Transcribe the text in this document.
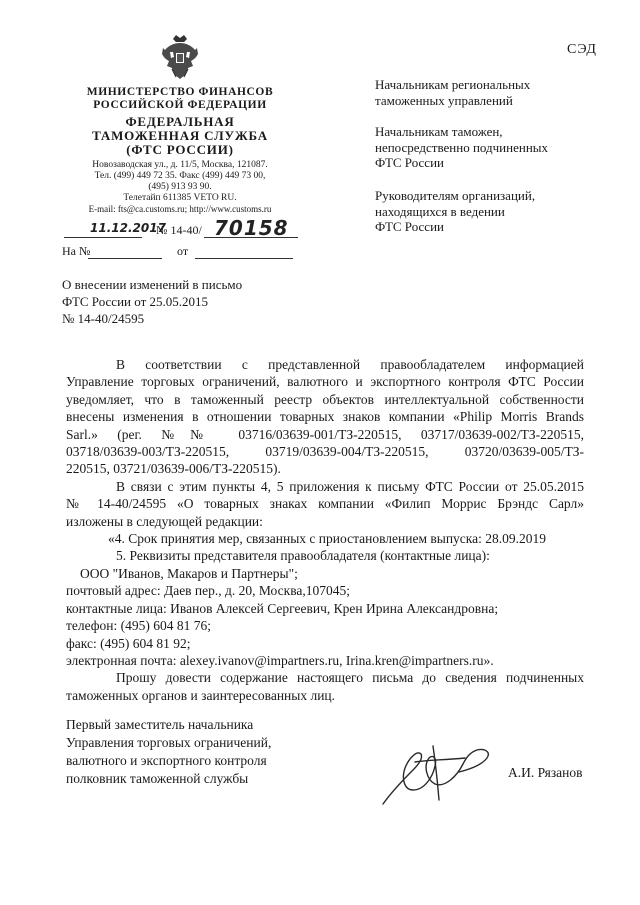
СЭД
МИНИСТЕРСТВО ФИНАНСОВ
РОССИЙСКОЙ ФЕДЕРАЦИИ
ФЕДЕРАЛЬНАЯ
ТАМОЖЕННАЯ СЛУЖБА
(ФТС РОССИИ)
Новозаводская ул., д. 11/5, Москва, 121087.
Тел. (499) 449 72 35. Факс (499) 449 73 00,
(495) 913 93 90.
Телетайп 611385 VETO RU.
E-mail: fts@ca.customs.ru; http://www.customs.ru
11.12.2017
№ 14-40/ 70158
На №	от
Начальникам региональных
таможенных управлений
Начальникам таможен,
непосредственно подчиненных
ФТС России
Руководителям организаций,
находящихся в ведении
ФТС России
О внесении изменений в письмо
ФТС России от 25.05.2015
№ 14-40/24595

В соответствии с представленной правообладателем информацией

Управление торговых ограничений, валютного и экспортного контроля ФТС России

уведомляет, что в таможенный реестр объектов интеллектуальной собственности

внесены изменения в отношении товарных знаков компании «Philip Morris Brands

Sarl.» (рег. №№ 03716/03639-001/ТЗ-220515, 03717/03639-002/ТЗ-220515,

03718/03639-003/ТЗ-220515, 03719/03639-004/ТЗ-220515, 03720/03639-005/ТЗ-

220515, 03721/03639-006/ТЗ-220515).

В связи с этим пункты 4, 5 приложения к письму ФТС России от 25.05.2015

№ 14-40/24595 «О товарных знаках компании «Филип Моррис Брэндс Сарл»

изложены в следующей редакции:

«4. Срок принятия мер, связанных с приостановлением выпуска: 28.09.2019

5. Реквизиты представителя правообладателя (контактные лица):

ООО "Иванов, Макаров и Партнеры";

почтовый адрес: Даев пер., д. 20, Москва,107045;

контактные лица: Иванов Алексей Сергеевич, Крен Ирина Александровна;

телефон: (495) 604 81 76;

факс: (495) 604 81 92;

электронная почта: alexey.ivanov@impartners.ru, Irina.kren@impartners.ru».

Прошу довести содержание настоящего письма до сведения подчиненных

таможенных органов и заинтересованных лиц.

Первый заместитель начальника
Управления торговых ограничений,
валютного и экспортного контроля
полковник таможенной службы	А.И. Рязанов
